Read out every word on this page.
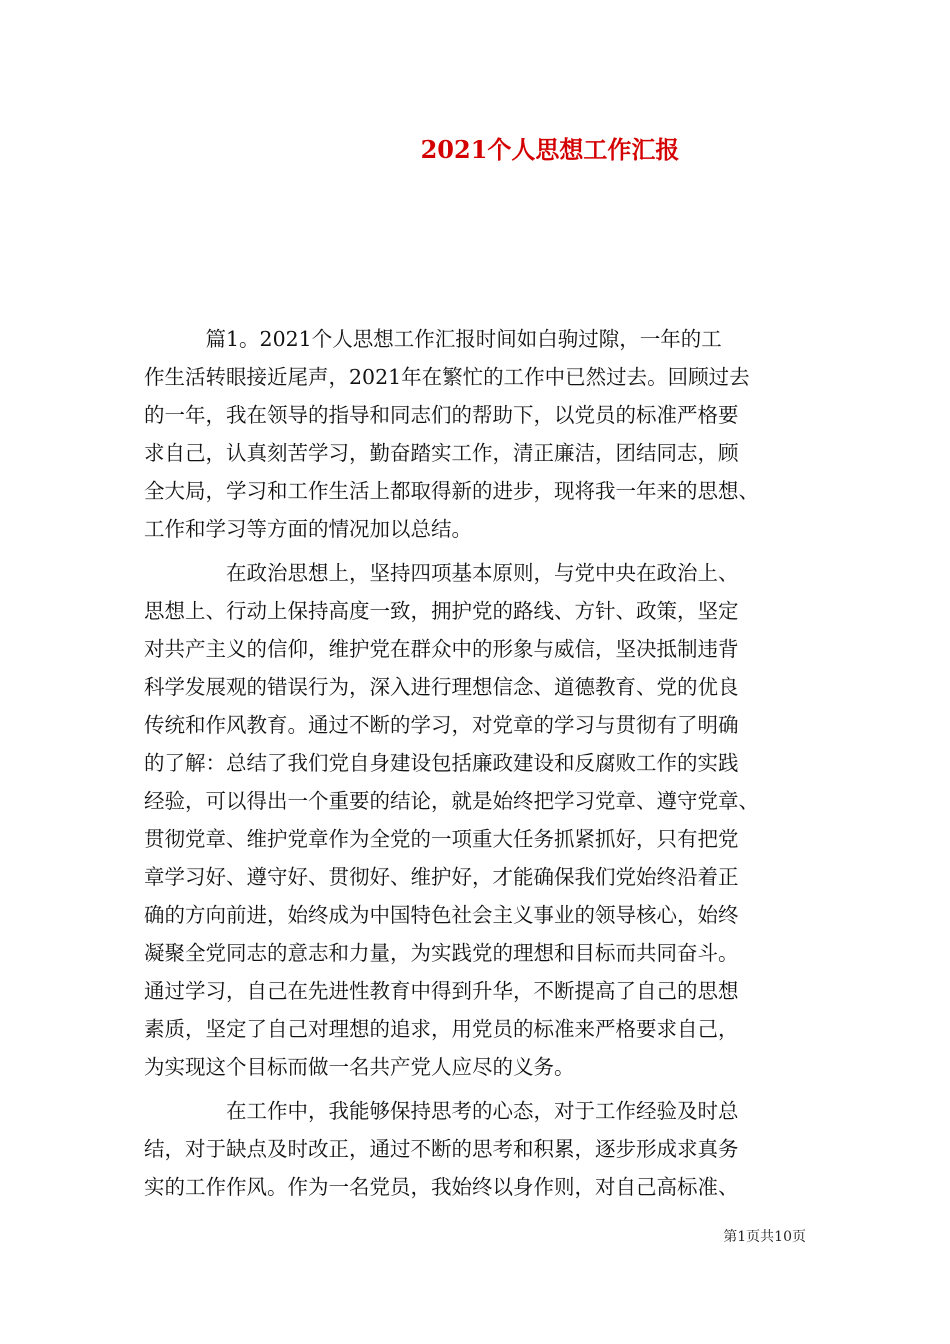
2021个人思想工作汇报
　　　篇1。2021个人思想工作汇报时间如白驹过隙，一年的工
作生活转眼接近尾声，2021年在繁忙的工作中已然过去。回顾过去
的一年，我在领导的指导和同志们的帮助下，以党员的标准严格要
求自己，认真刻苦学习，勤奋踏实工作，清正廉洁，团结同志，顾
全大局，学习和工作生活上都取得新的进步，现将我一年来的思想、
工作和学习等方面的情况加以总结。
　　　　在政治思想上，坚持四项基本原则，与党中央在政治上、
思想上、行动上保持高度一致，拥护党的路线、方针、政策，坚定
对共产主义的信仰，维护党在群众中的形象与威信，坚决抵制违背
科学发展观的错误行为，深入进行理想信念、道德教育、党的优良
传统和作风教育。通过不断的学习，对党章的学习与贯彻有了明确
的了解：总结了我们党自身建设包括廉政建设和反腐败工作的实践
经验，可以得出一个重要的结论，就是始终把学习党章、遵守党章、
贯彻党章、维护党章作为全党的一项重大任务抓紧抓好，只有把党
章学习好、遵守好、贯彻好、维护好，才能确保我们党始终沿着正
确的方向前进，始终成为中国特色社会主义事业的领导核心，始终
凝聚全党同志的意志和力量，为实践党的理想和目标而共同奋斗。
通过学习，自己在先进性教育中得到升华，不断提高了自己的思想
素质，坚定了自己对理想的追求，用党员的标准来严格要求自己，
为实现这个目标而做一名共产党人应尽的义务。
　　　　在工作中，我能够保持思考的心态，对于工作经验及时总
结，对于缺点及时改正，通过不断的思考和积累，逐步形成求真务
实的工作作风。作为一名党员，我始终以身作则，对自己高标准、
第1页共10页
